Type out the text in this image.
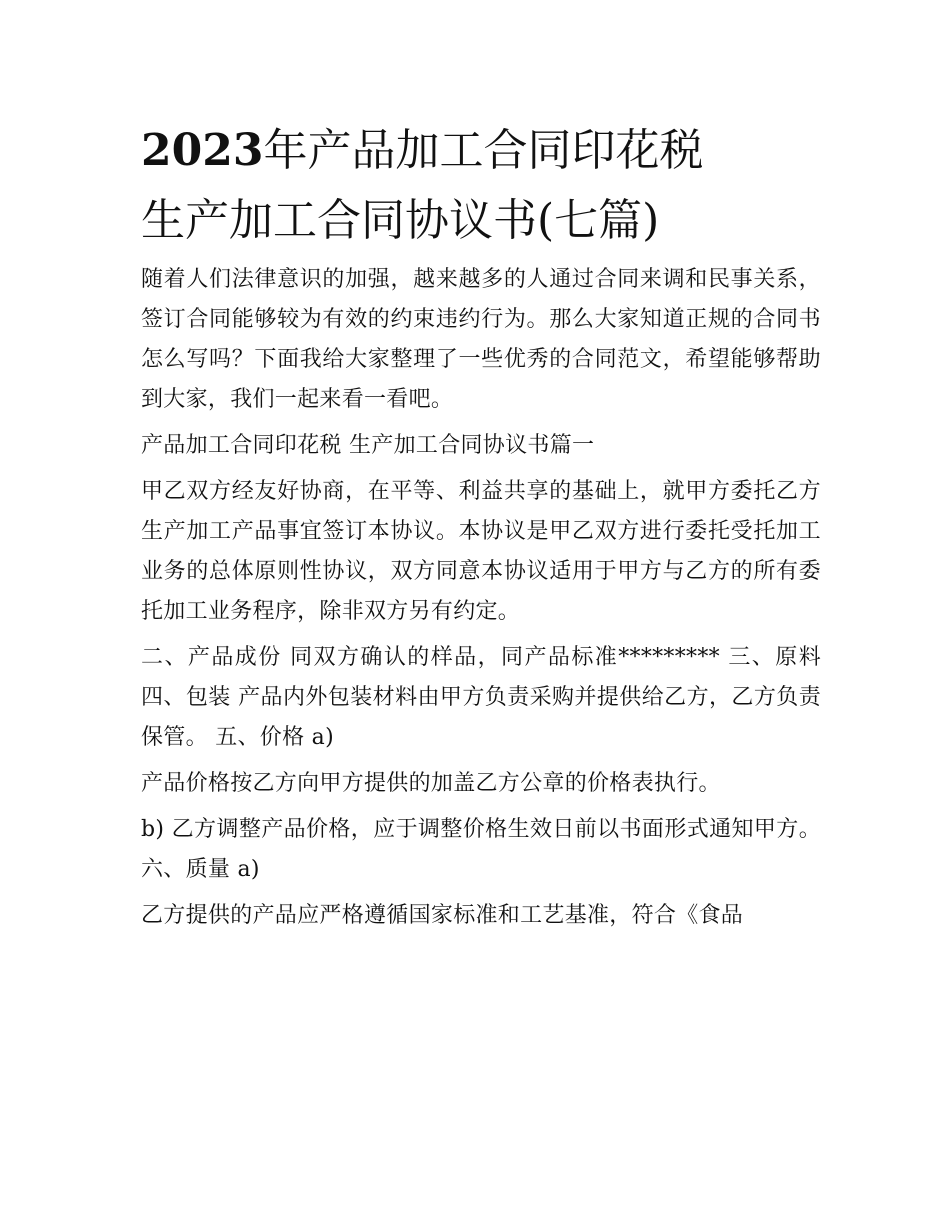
2023年产品加工合同印花税
生产加工合同协议书(七篇)

随着人们法律意识的加强，越来越多的人通过合同来调和民事关系，签订合同能够较为有效的约束违约行为。那么大家知道正规的合同书怎么写吗？下面我给大家整理了一些优秀的合同范文，希望能够帮助到大家，我们一起来看一看吧。

产品加工合同印花税 生产加工合同协议书篇一

甲乙双方经友好协商，在平等、利益共享的基础上，就甲方委托乙方生产加工产品事宜签订本协议。本协议是甲乙双方进行委托受托加工业务的总体原则性协议，双方同意本协议适用于甲方与乙方的所有委托加工业务程序，除非双方另有约定。

二、产品成份 同双方确认的样品，同产品标准********* 三、原料 四、包装 产品内外包装材料由甲方负责采购并提供给乙方，乙方负责保管。 五、价格 a)

产品价格按乙方向甲方提供的加盖乙方公章的价格表执行。

b) 乙方调整产品价格，应于调整价格生效日前以书面形式通知甲方。 六、质量 a)

乙方提供的产品应严格遵循国家标准和工艺基准，符合《食品
